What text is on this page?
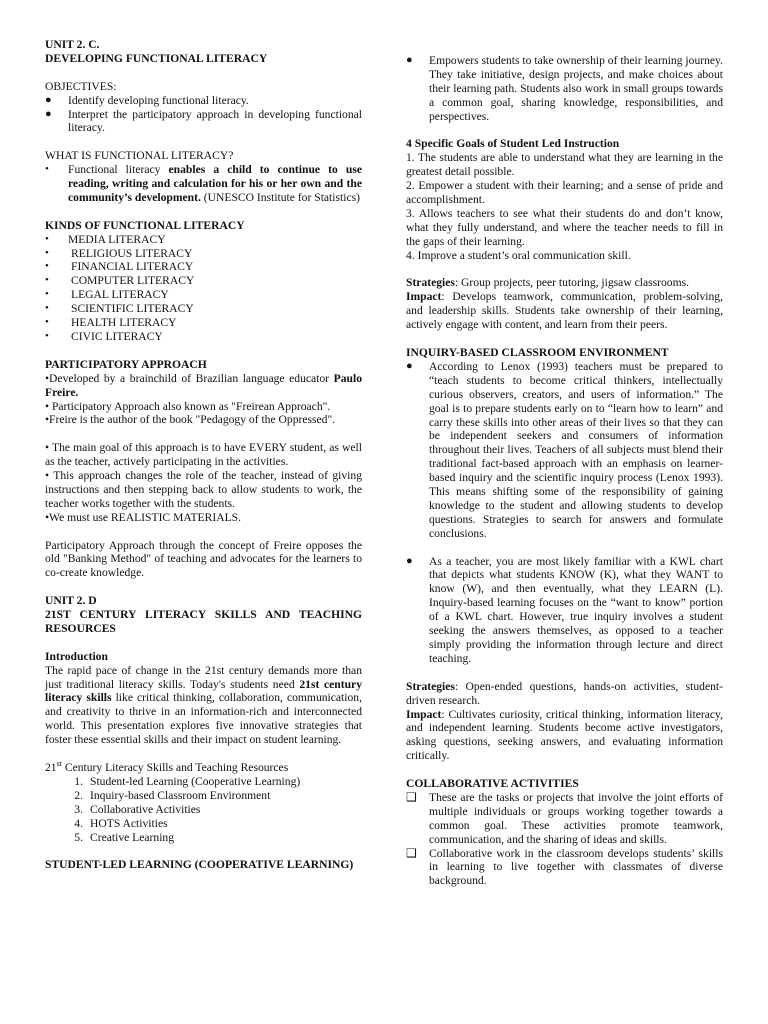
UNIT 2. C.

DEVELOPING FUNCTIONAL LITERACY

OBJECTIVES:

●	Identify developing functional literacy.
●	Interpret the participatory approach in developing functional literacy.

WHAT IS FUNCTIONAL LITERACY?

•	Functional literacy enables a child to continue to use reading, writing and calculation for his or her own and the community’s development. (UNESCO Institute for Statistics)

KINDS OF FUNCTIONAL LITERACY

•	MEDIA LITERACY
•	RELIGIOUS LITERACY
•	FINANCIAL LITERACY
•	COMPUTER LITERACY
•	LEGAL LITERACY
•	SCIENTIFIC LITERACY
•	HEALTH LITERACY
•	CIVIC LITERACY

PARTICIPATORY APPROACH

•Developed by a brainchild of Brazilian language educator Paulo Freire.

• Participatory Approach also known as "Freirean Approach".

•Freire is the author of the book "Pedagogy of the Oppressed".

• The main goal of this approach is to have EVERY student, as well as the teacher, actively participating in the activities.

• This approach changes the role of the teacher, instead of giving instructions and then stepping back to allow students to work, the teacher works together with the students.

•We must use REALISTIC MATERIALS.

Participatory Approach through the concept of Freire opposes the old "Banking Method" of teaching and advocates for the learners to co-create knowledge.

UNIT 2. D

21ST CENTURY LITERACY SKILLS AND TEACHING RESOURCES

Introduction

The rapid pace of change in the 21st century demands more than just traditional literacy skills. Today's students need 21st century literacy skills like critical thinking, collaboration, communication, and creativity to thrive in an information-rich and interconnected world. This presentation explores five innovative strategies that foster these essential skills and their impact on student learning.

21st Century Literacy Skills and Teaching Resources

1. Student-led Learning (Cooperative Learning)
2. Inquiry-based Classroom Environment
3. Collaborative Activities
4. HOTS Activities
5. Creative Learning

STUDENT-LED LEARNING (COOPERATIVE LEARNING)

●	Empowers students to take ownership of their learning journey. They take initiative, design projects, and make choices about their learning path. Students also work in small groups towards a common goal, sharing knowledge, responsibilities, and perspectives.

4 Specific Goals of Student Led Instruction

1. The students are able to understand what they are learning in the greatest detail possible.

2. Empower a student with their learning; and a sense of pride and accomplishment.

3. Allows teachers to see what their students do and don’t know, what they fully understand, and where the teacher needs to fill in the gaps of their learning.

4. Improve a student’s oral communication skill.

Strategies: Group projects, peer tutoring, jigsaw classrooms.

Impact: Develops teamwork, communication, problem-solving, and leadership skills. Students take ownership of their learning, actively engage with content, and learn from their peers.

INQUIRY-BASED CLASSROOM ENVIRONMENT

●	According to Lenox (1993) teachers must be prepared to “teach students to become critical thinkers, intellectually curious observers, creators, and users of information.” The goal is to prepare students early on to “learn how to learn” and carry these skills into other areas of their lives so that they can be independent seekers and consumers of information throughout their lives. Teachers of all subjects must blend their traditional fact-based approach with an emphasis on learner-based inquiry and the scientific inquiry process (Lenox 1993). This means shifting some of the responsibility of gaining knowledge to the student and allowing students to develop questions. Strategies to search for answers and formulate conclusions.
●	As a teacher, you are most likely familiar with a KWL chart that depicts what students KNOW (K), what they WANT to know (W), and then eventually, what they LEARN (L). Inquiry-based learning focuses on the “want to know” portion of a KWL chart. However, true inquiry involves a student seeking the answers themselves, as opposed to a teacher simply providing the information through lecture and direct teaching.

Strategies: Open-ended questions, hands-on activities, student-driven research.

Impact: Cultivates curiosity, critical thinking, information literacy, and independent learning. Students become active investigators, asking questions, seeking answers, and evaluating information critically.

COLLABORATIVE ACTIVITIES

❑	These are the tasks or projects that involve the joint efforts of multiple individuals or groups working together towards a common goal. These activities promote teamwork, communication, and the sharing of ideas and skills.
❑	Collaborative work in the classroom develops students’ skills in learning to live together with classmates of diverse background.
